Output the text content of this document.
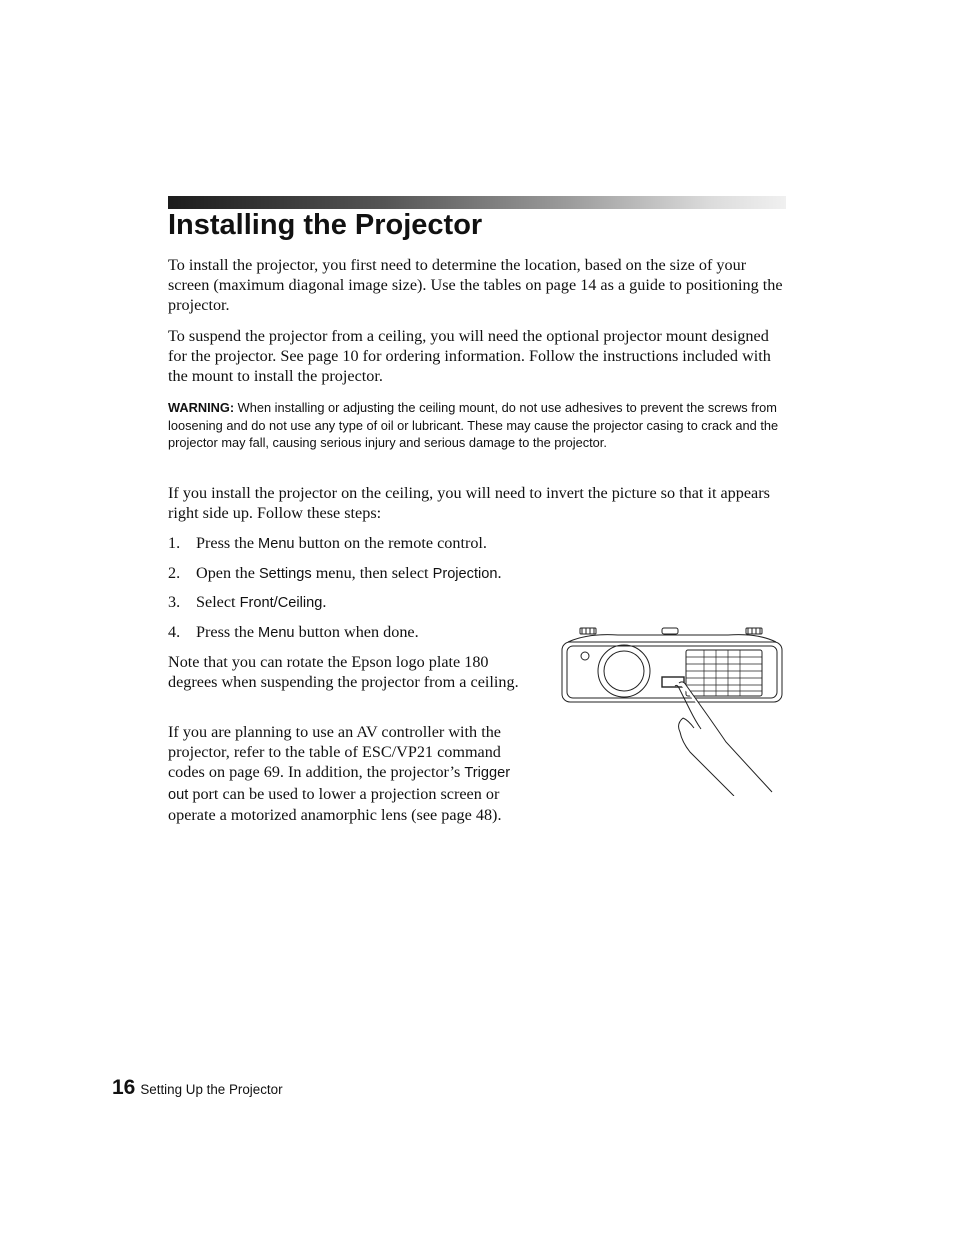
Installing the Projector

To install the projector, you first need to determine the location, based on the size of your screen (maximum diagonal image size). Use the tables on page 14 as a guide to positioning the projector.

To suspend the projector from a ceiling, you will need the optional projector mount designed for the projector. See page 10 for ordering information. Follow the instructions included with the mount to install the projector.

WARNING: When installing or adjusting the ceiling mount, do not use adhesives to prevent the screws from loosening and do not use any type of oil or lubricant. These may cause the projector casing to crack and the projector may fall, causing serious injury and serious damage to the projector.

If you install the projector on the ceiling, you will need to invert the picture so that it appears right side up. Follow these steps:

1. Press the Menu button on the remote control.

2. Open the Settings menu, then select Projection.

3. Select Front/Ceiling.

4. Press the Menu button when done.

Note that you can rotate the Epson logo plate 180 degrees when suspending the projector from a ceiling.

If you are planning to use an AV controller with the projector, refer to the table of ESC/VP21 command codes on page 69. In addition, the projector’s Trigger out port can be used to lower a projection screen or operate a motorized anamorphic lens (see page 48).

16 Setting Up the Projector
